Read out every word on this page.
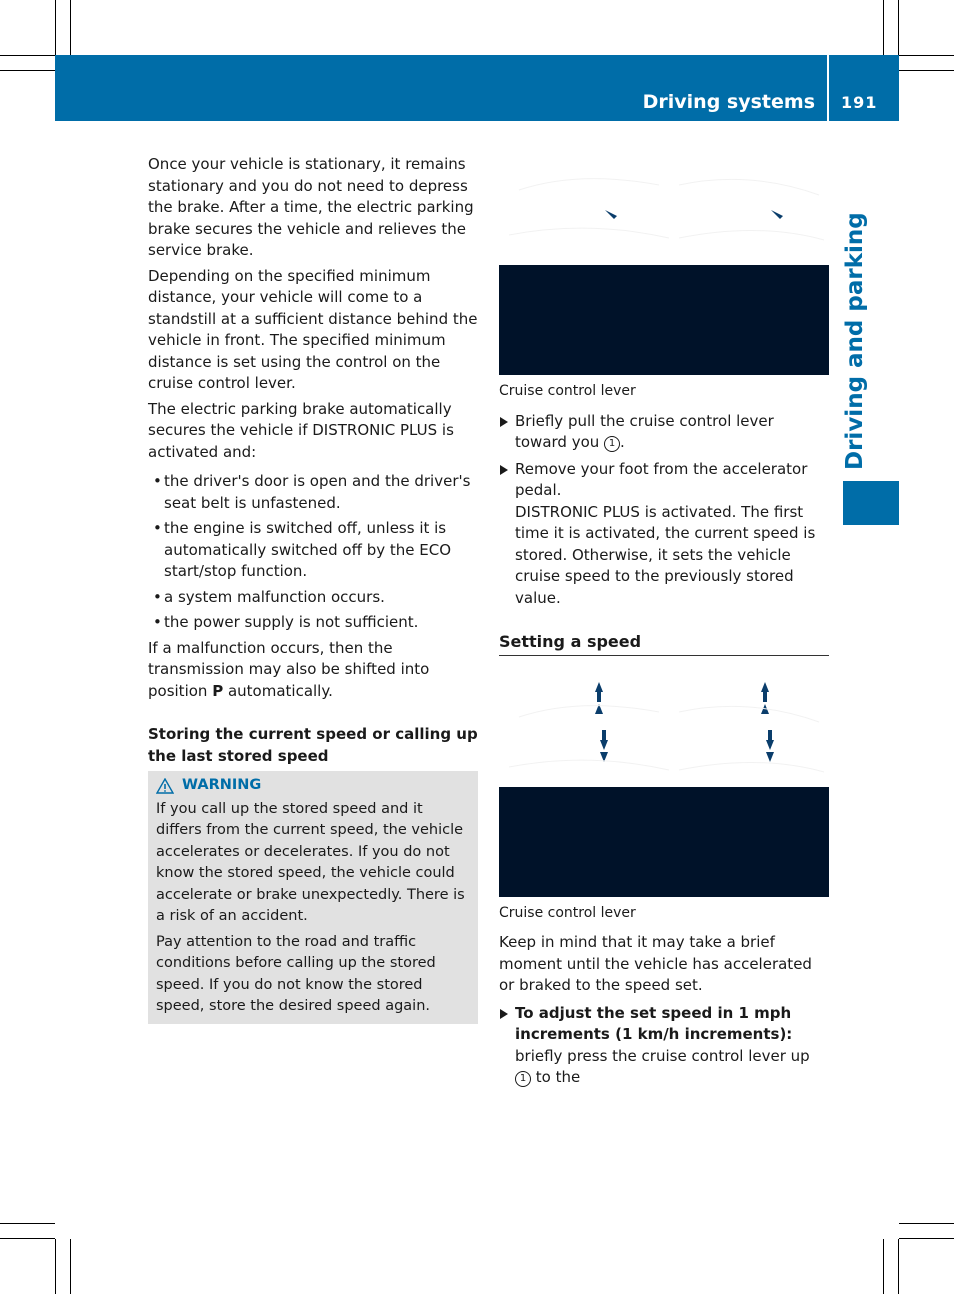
Driving systems 191
Driving and parking

Once your vehicle is stationary, it remains stationary and you do not need to depress the brake. After a time, the electric parking brake secures the vehicle and relieves the service brake.

Depending on the specified minimum distance, your vehicle will come to a standstill at a sufficient distance behind the vehicle in front. The specified minimum distance is set using the control on the cruise control lever.

The electric parking brake automatically secures the vehicle if DISTRONIC PLUS is activated and:

• the driver's door is open and the driver's seat belt is unfastened.
• the engine is switched off, unless it is automatically switched off by the ECO start/stop function.
• a system malfunction occurs.
• the power supply is not sufficient.

If a malfunction occurs, then the transmission may also be shifted into position P automatically.

Storing the current speed or calling up the last stored speed
WARNING

If you call up the stored speed and it differs from the current speed, the vehicle accelerates or decelerates. If you do not know the stored speed, the vehicle could accelerate or brake unexpectedly. There is a risk of an accident.

Pay attention to the road and traffic conditions before calling up the stored speed. If you do not know the stored speed, store the desired speed again.

Cruise control lever
Briefly pull the cruise control lever toward you 1 .
Remove your foot from the accelerator pedal.
DISTRONIC PLUS is activated. The first time it is activated, the current speed is stored. Otherwise, it sets the vehicle cruise speed to the previously stored value.
Setting a speed
Cruise control lever

Keep in mind that it may take a brief moment until the vehicle has accelerated or braked to the speed set.

To adjust the set speed in 1 mph increments (1 km/h increments): briefly press the cruise control lever up 1 to the
